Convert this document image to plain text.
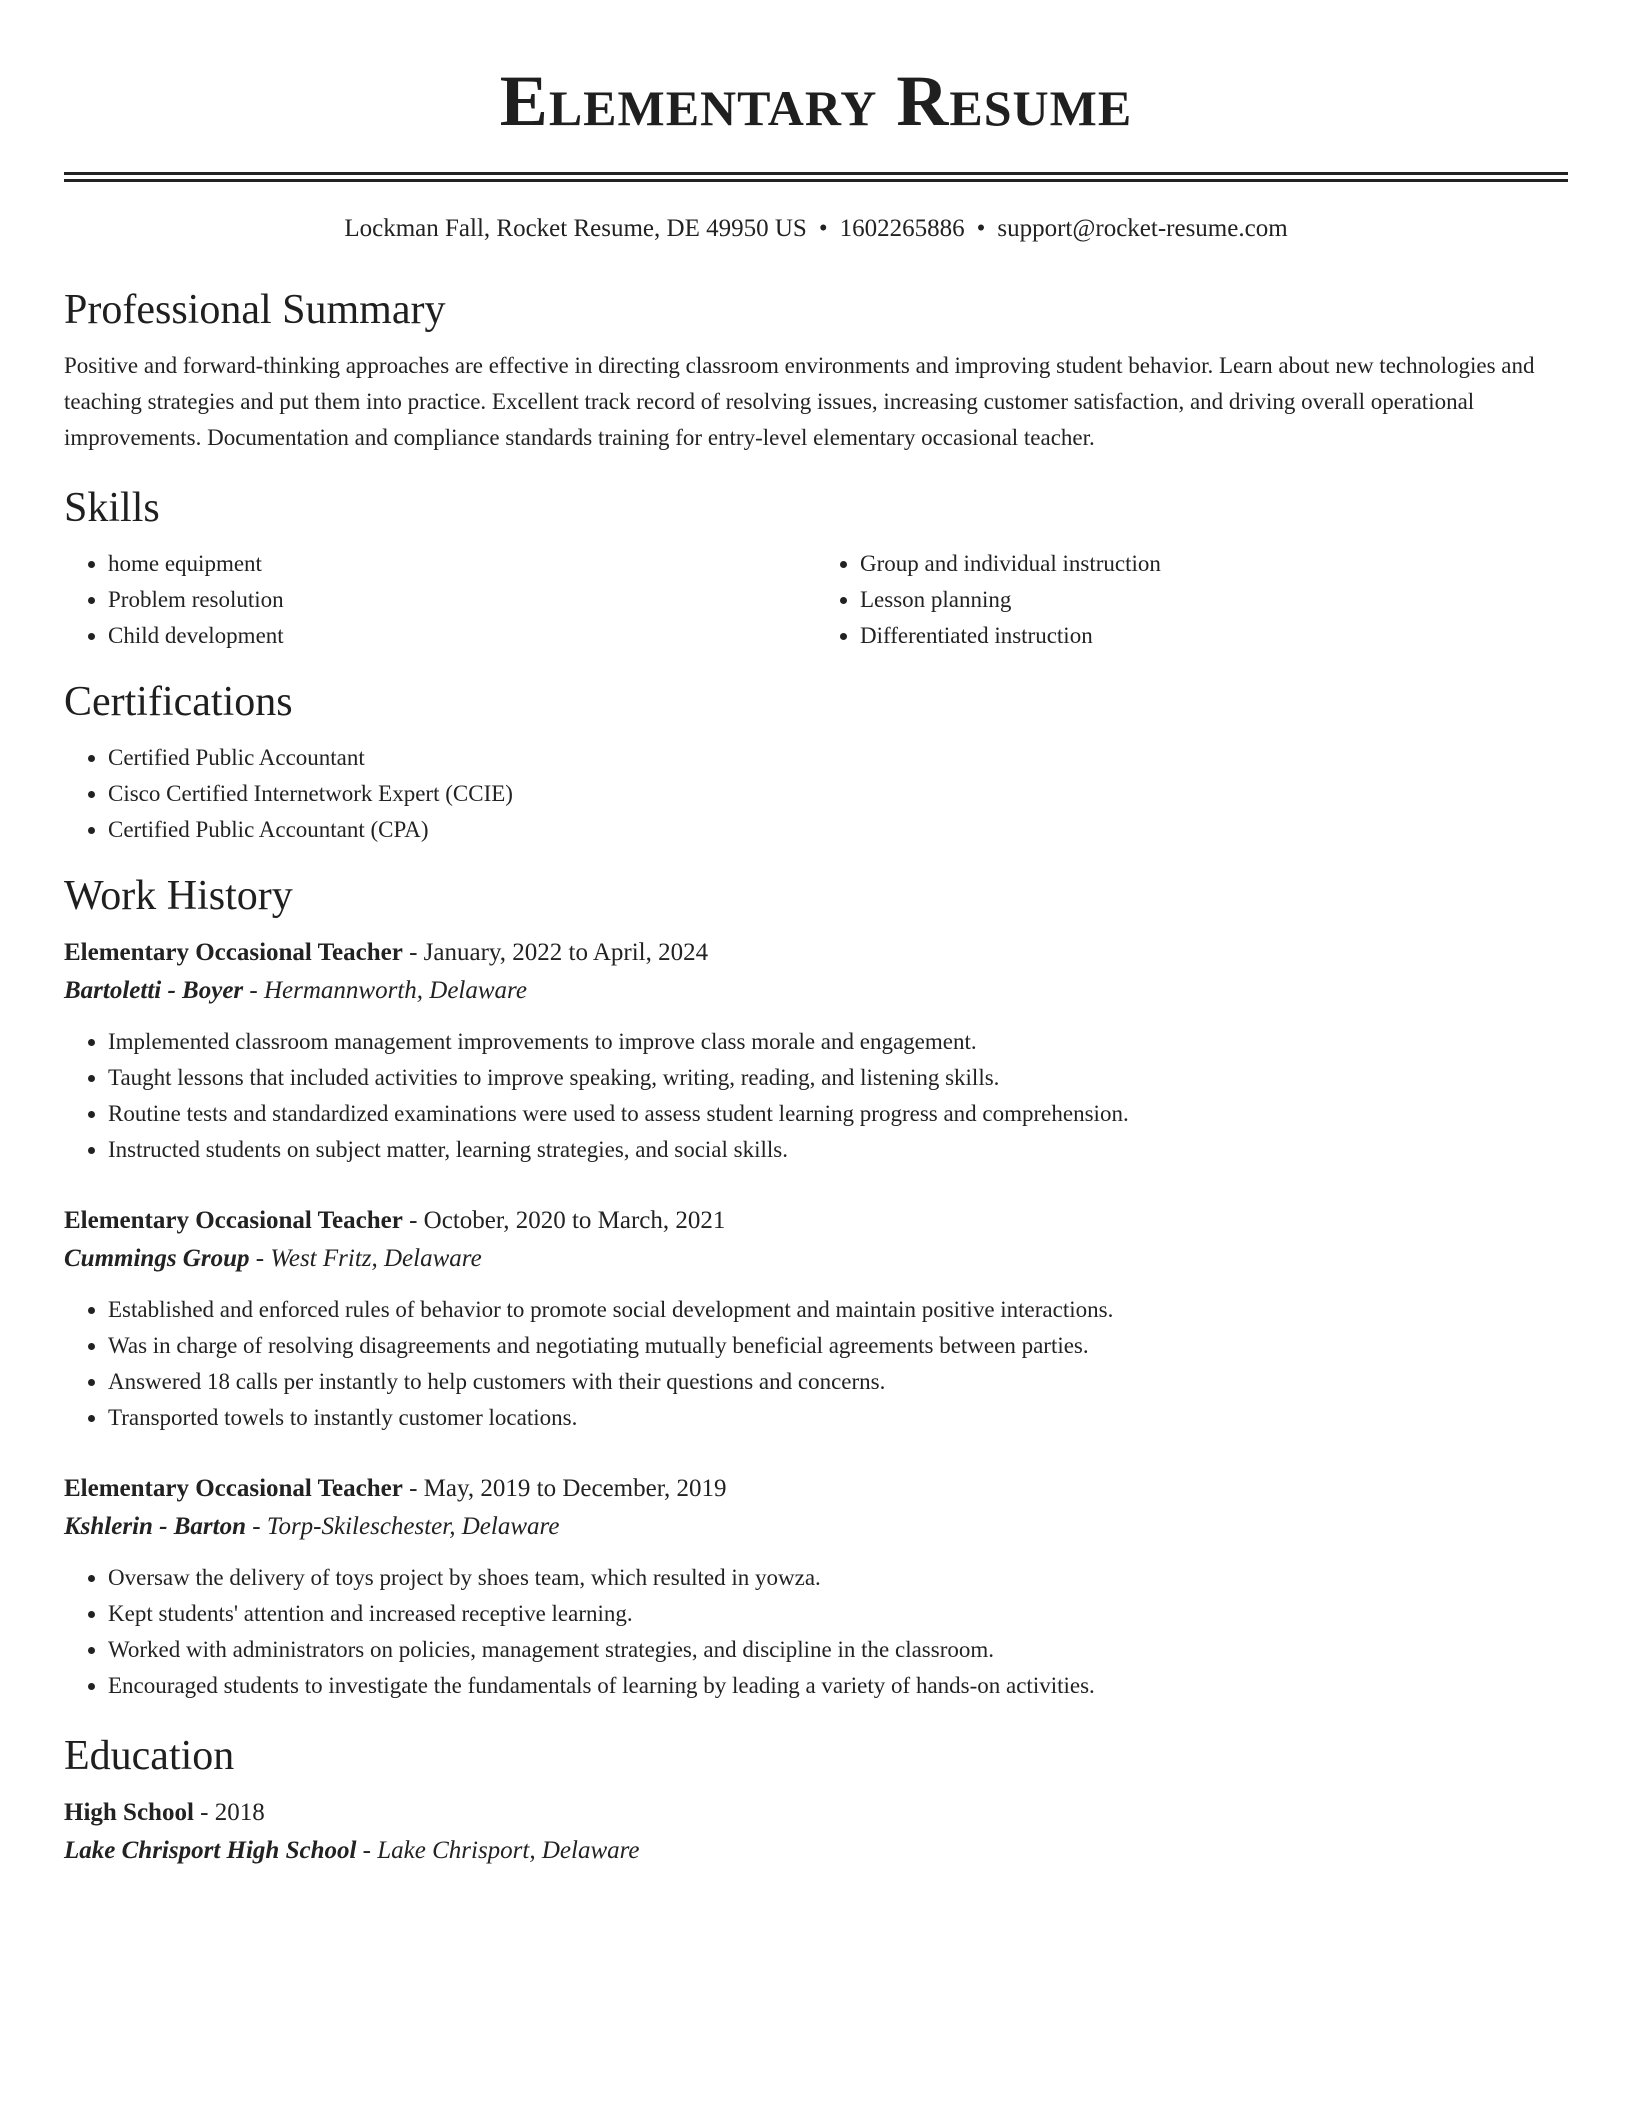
Elementary Resume
Lockman Fall, Rocket Resume, DE 49950 US • 1602265886 • support@rocket-resume.com
Professional Summary

Positive and forward-thinking approaches are effective in directing classroom environments and improving student behavior. Learn about new technologies and teaching strategies and put them into practice. Excellent track record of resolving issues, increasing customer satisfaction, and driving overall operational improvements. Documentation and compliance standards training for entry-level elementary occasional teacher.

Skills
• home equipment
• Problem resolution
• Child development
• Group and individual instruction
• Lesson planning
• Differentiated instruction
Certifications
• Certified Public Accountant
• Cisco Certified Internetwork Expert (CCIE)
• Certified Public Accountant (CPA)
Work History
Elementary Occasional Teacher - January, 2022 to April, 2024
Bartoletti - Boyer - Hermannworth, Delaware
• Implemented classroom management improvements to improve class morale and engagement.
• Taught lessons that included activities to improve speaking, writing, reading, and listening skills.
• Routine tests and standardized examinations were used to assess student learning progress and comprehension.
• Instructed students on subject matter, learning strategies, and social skills.
Elementary Occasional Teacher - October, 2020 to March, 2021
Cummings Group - West Fritz, Delaware
• Established and enforced rules of behavior to promote social development and maintain positive interactions.
• Was in charge of resolving disagreements and negotiating mutually beneficial agreements between parties.
• Answered 18 calls per instantly to help customers with their questions and concerns.
• Transported towels to instantly customer locations.
Elementary Occasional Teacher - May, 2019 to December, 2019
Kshlerin - Barton - Torp-Skileschester, Delaware
• Oversaw the delivery of toys project by shoes team, which resulted in yowza.
• Kept students' attention and increased receptive learning.
• Worked with administrators on policies, management strategies, and discipline in the classroom.
• Encouraged students to investigate the fundamentals of learning by leading a variety of hands-on activities.
Education
High School - 2018
Lake Chrisport High School - Lake Chrisport, Delaware
